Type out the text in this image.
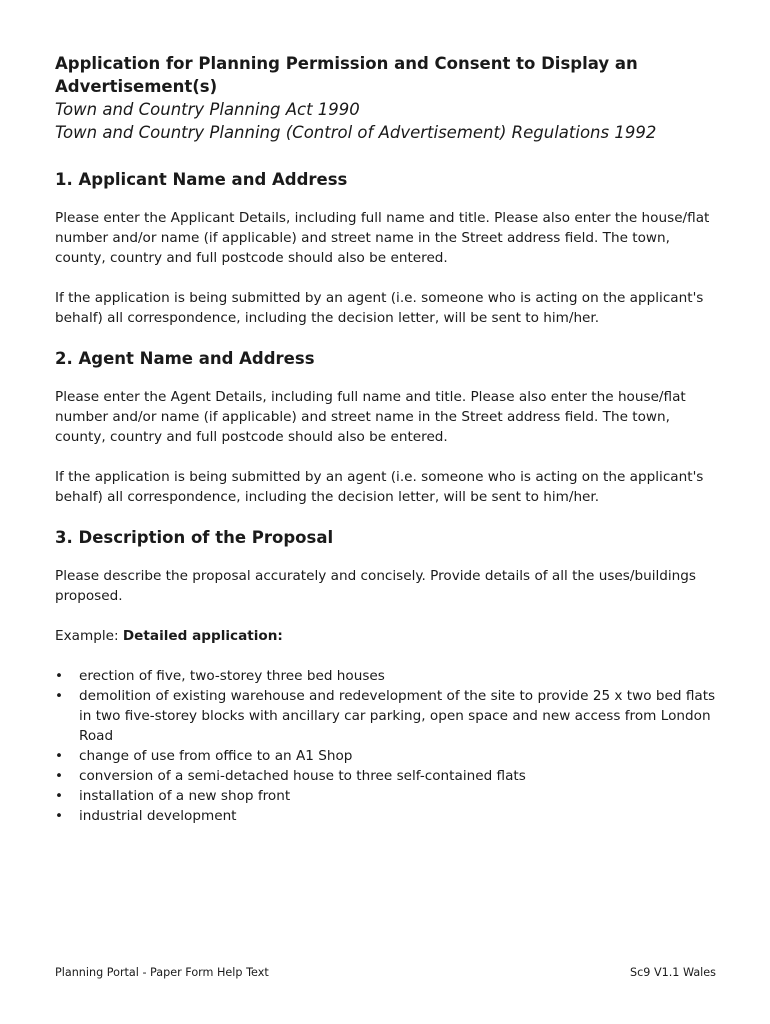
Application for Planning Permission and Consent to Display an Advertisement(s)

Town and Country Planning Act 1990

Town and Country Planning (Control of Advertisement) Regulations 1992

1. Applicant Name and Address

Please enter the Applicant Details, including full name and title. Please also enter the house/flat number and/or name (if applicable) and street name in the Street address field. The town, county, country and full postcode should also be entered.

If the application is being submitted by an agent (i.e. someone who is acting on the applicant's behalf) all correspondence, including the decision letter, will be sent to him/her.

2. Agent Name and Address

Please enter the Agent Details, including full name and title. Please also enter the house/flat number and/or name (if applicable) and street name in the Street address field. The town, county, country and full postcode should also be entered.

If the application is being submitted by an agent (i.e. someone who is acting on the applicant's behalf) all correspondence, including the decision letter, will be sent to him/her.

3. Description of the Proposal

Please describe the proposal accurately and concisely. Provide details of all the uses/buildings proposed.

Example: Detailed application:

• erection of five, two-storey three bed houses
• demolition of existing warehouse and redevelopment of the site to provide 25 x two bed flats in two five-storey blocks with ancillary car parking, open space and new access from London Road
• change of use from office to an A1 Shop
• conversion of a semi-detached house to three self-contained flats
• installation of a new shop front
• industrial development
Planning Portal - Paper Form Help Text	Sc9 V1.1 Wales
